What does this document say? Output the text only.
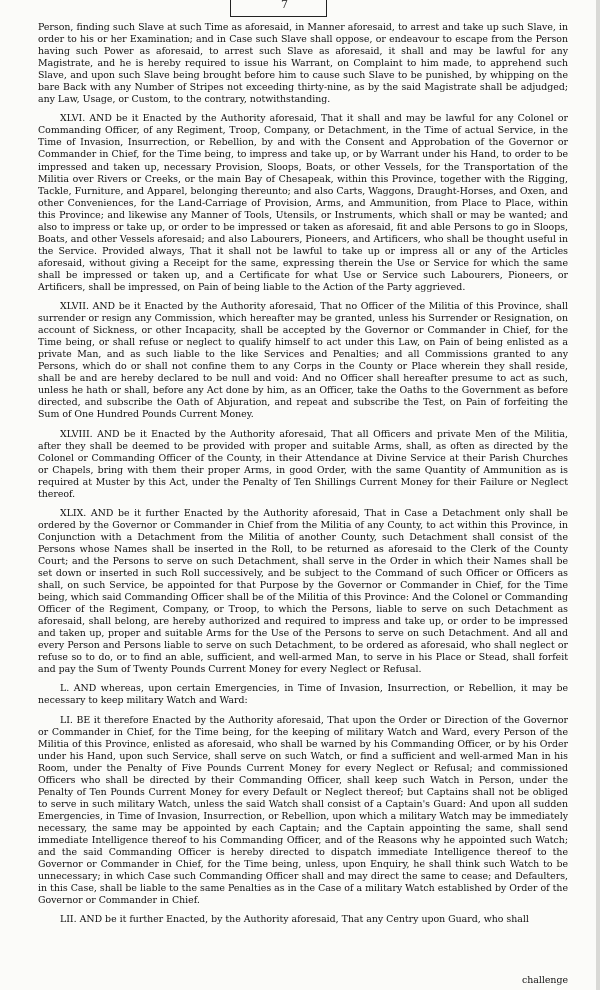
7

Person, finding such Slave at such Time as aforesaid, in Manner aforesaid, to arrest and take up such Slave, in order to his or her Examination; and in Case such Slave shall oppose, or endeavour to escape from the Person having such Power as aforesaid, to arrest such Slave as aforesaid, it shall and may be lawful for any Magistrate, and he is hereby required to issue his Warrant, on Complaint to him made, to apprehend such Slave, and upon such Slave being brought before him to cause such Slave to be punished, by whipping on the bare Back with any Number of Stripes not exceeding thirty-nine, as by the said Magistrate shall be adjudged; any Law, Usage, or Custom, to the contrary, notwithstanding.

XLVI. AND be it Enacted by the Authority aforesaid, That it shall and may be lawful for any Colonel or Commanding Officer, of any Regiment, Troop, Company, or Detachment, in the Time of actual Service, in the Time of Invasion, Insurrection, or Rebellion, by and with the Consent and Approbation of the Governor or Commander in Chief, for the Time being, to impress and take up, or by Warrant under his Hand, to order to be impressed and taken up, necessary Provision, Sloops, Boats, or other Vessels, for the Transportation of the Militia over Rivers or Creeks, or the main Bay of Chesapeak, within this Province, together with the Rigging, Tackle, Furniture, and Apparel, belonging thereunto; and also Carts, Waggons, Draught-Horses, and Oxen, and other Conveniences, for the Land-Carriage of Provision, Arms, and Ammunition, from Place to Place, within this Province; and likewise any Manner of Tools, Utensils, or Instruments, which shall or may be wanted; and also to impress or take up, or order to be impressed or taken as aforesaid, fit and able Persons to go in Sloops, Boats, and other Vessels aforesaid; and also Labourers, Pioneers, and Artificers, who shall be thought useful in the Service. Provided always, That it shall not be lawful to take up or impress all or any of the Articles aforesaid, without giving a Receipt for the same, expressing therein the Use or Service for which the same shall be impressed or taken up, and a Certificate for what Use or Service such Labourers, Pioneers, or Artificers, shall be impressed, on Pain of being liable to the Action of the Party aggrieved.

XLVII. AND be it Enacted by the Authority aforesaid, That no Officer of the Militia of this Province, shall surrender or resign any Commission, which hereafter may be granted, unless his Surrender or Resignation, on account of Sickness, or other Incapacity, shall be accepted by the Governor or Commander in Chief, for the Time being, or shall refuse or neglect to qualify himself to act under this Law, on Pain of being enlisted as a private Man, and as such liable to the like Services and Penalties; and all Commissions granted to any Persons, which do or shall not confine them to any Corps in the County or Place wherein they shall reside, shall be and are hereby declared to be null and void: And no Officer shall hereafter presume to act as such, unless he hath or shall, before any Act done by him, as an Officer, take the Oaths to the Government as before directed, and subscribe the Oath of Abjuration, and repeat and subscribe the Test, on Pain of forfeiting the Sum of One Hundred Pounds Current Money.

XLVIII. AND be it Enacted by the Authority aforesaid, That all Officers and private Men of the Militia, after they shall be deemed to be provided with proper and suitable Arms, shall, as often as directed by the Colonel or Commanding Officer of the County, in their Attendance at Divine Service at their Parish Churches or Chapels, bring with them their proper Arms, in good Order, with the same Quantity of Ammunition as is required at Muster by this Act, under the Penalty of Ten Shillings Current Money for their Failure or Neglect thereof.

XLIX. AND be it further Enacted by the Authority aforesaid, That in Case a Detachment only shall be ordered by the Governor or Commander in Chief from the Militia of any County, to act within this Province, in Conjunction with a Detachment from the Militia of another County, such Detachment shall consist of the Persons whose Names shall be inserted in the Roll, to be returned as aforesaid to the Clerk of the County Court; and the Persons to serve on such Detachment, shall serve in the Order in which their Names shall be set down or inserted in such Roll successively, and be subject to the Command of such Officer or Officers as shall, on such Service, be appointed for that Purpose by the Governor or Commander in Chief, for the Time being, which said Commanding Officer shall be of the Militia of this Province: And the Colonel or Commanding Officer of the Regiment, Company, or Troop, to which the Persons, liable to serve on such Detachment as aforesaid, shall belong, are hereby authorized and required to impress and take up, or order to be impressed and taken up, proper and suitable Arms for the Use of the Persons to serve on such Detachment. And all and every Person and Persons liable to serve on such Detachment, to be ordered as aforesaid, who shall neglect or refuse so to do, or to find an able, sufficient, and well-armed Man, to serve in his Place or Stead, shall forfeit and pay the Sum of Twenty Pounds Current Money for every Neglect or Refusal.

L. AND whereas, upon certain Emergencies, in Time of Invasion, Insurrection, or Rebellion, it may be necessary to keep military Watch and Ward:

LI. BE it therefore Enacted by the Authority aforesaid, That upon the Order or Direction of the Governor or Commander in Chief, for the Time being, for the keeping of military Watch and Ward, every Person of the Militia of this Province, enlisted as aforesaid, who shall be warned by his Commanding Officer, or by his Order under his Hand, upon such Service, shall serve on such Watch, or find a sufficient and well-armed Man in his Room, under the Penalty of Five Pounds Current Money for every Neglect or Refusal; and commissioned Officers who shall be directed by their Commanding Officer, shall keep such Watch in Person, under the Penalty of Ten Pounds Current Money for every Default or Neglect thereof; but Captains shall not be obliged to serve in such military Watch, unless the said Watch shall consist of a Captain's Guard: And upon all sudden Emergencies, in Time of Invasion, Insurrection, or Rebellion, upon which a military Watch may be immediately necessary, the same may be appointed by each Captain; and the Captain appointing the same, shall send immediate Intelligence thereof to his Commanding Officer, and of the Reasons why he appointed such Watch; and the said Commanding Officer is hereby directed to dispatch immediate Intelligence thereof to the Governor or Commander in Chief, for the Time being, unless, upon Enquiry, he shall think such Watch to be unnecessary; in which Case such Commanding Officer shall and may direct the same to cease; and Defaulters, in this Case, shall be liable to the same Penalties as in the Case of a military Watch established by Order of the Governor or Commander in Chief.

LII. AND be it further Enacted, by the Authority aforesaid, That any Centry upon Guard, who shall

challenge
